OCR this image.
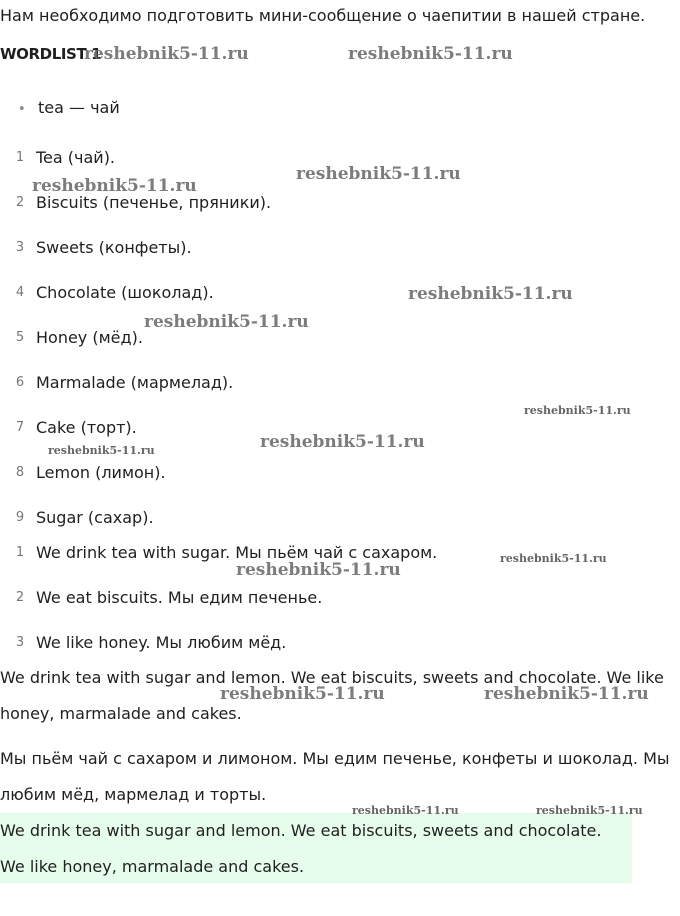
Нам необходимо подготовить мини-сообщение о чаепитии в нашей стране.
WORDLIST 1
• tea — чай
1 Tea (чай).
2 Biscuits (печенье, пряники).
3 Sweets (конфеты).
4 Chocolate (шоколад).
5 Honey (мёд).
6 Marmalade (мармелад).
7 Cake (торт).
8 Lemon (лимон).
9 Sugar (сахар).
1 We drink tea with sugar. Мы пьём чай с сахаром.
2 We eat biscuits. Мы едим печенье.
3 We like honey. Мы любим мёд.
We drink tea with sugar and lemon. We eat biscuits, sweets and chocolate. We like honey, marmalade and cakes.
Мы пьём чай с сахаром и лимоном. Мы едим печенье, конфеты и шоколад. Мы любим мёд, мармелад и торты.
We drink tea with sugar and lemon. We eat biscuits, sweets and chocolate.
We like honey, marmalade and cakes.
reshebnik5-11.ru	reshebnik5-11.ru
reshebnik5-11.ru
reshebnik5-11.ru
reshebnik5-11.ru
reshebnik5-11.ru
reshebnik5-11.ru
reshebnik5-11.ru
reshebnik5-11.ru
reshebnik5-11.ru
reshebnik5-11.ru
reshebnik5-11.ru	reshebnik5-11.ru
reshebnik5-11.ru	reshebnik5-11.ru
